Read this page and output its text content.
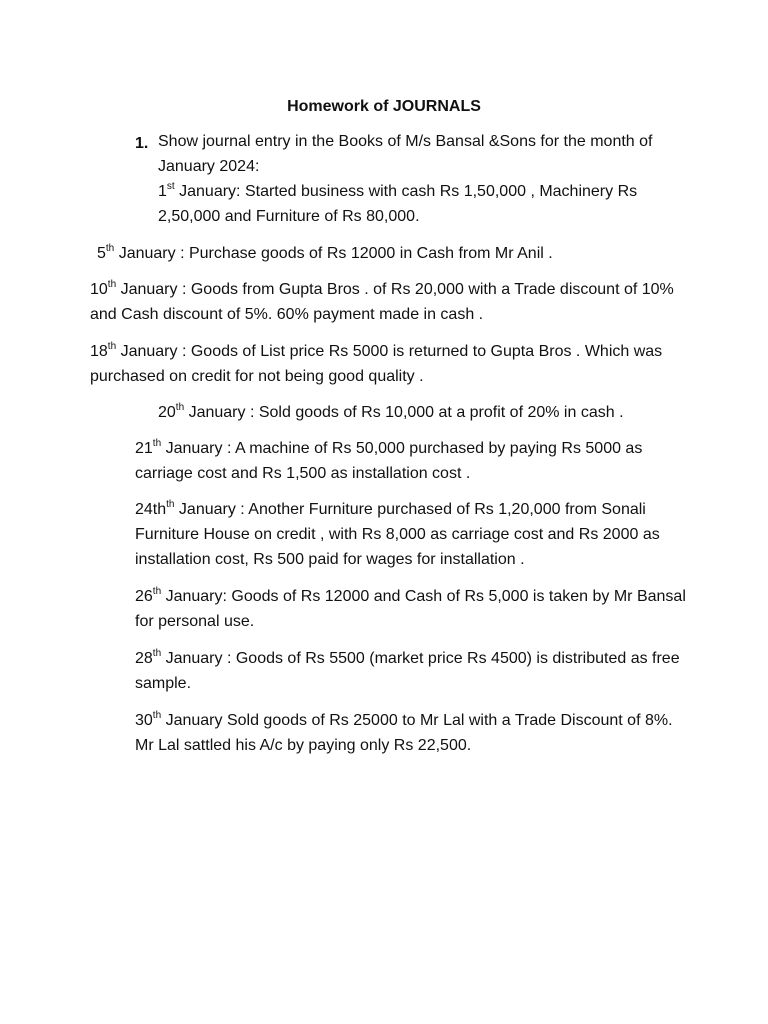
Homework of JOURNALS
1. Show journal entry in the Books of M/s Bansal &Sons for the month of January 2024:
1st January: Started business with cash Rs 1,50,000 , Machinery Rs 2,50,000 and Furniture of Rs 80,000.
5th January : Purchase goods of Rs 12000 in Cash from Mr Anil .
10th January : Goods from Gupta Bros . of Rs 20,000 with a Trade discount of 10% and Cash discount of 5%. 60% payment made in cash .
18th January : Goods of List price Rs 5000 is returned to Gupta Bros . Which was purchased on credit for not being good quality .
20th January : Sold goods of Rs 10,000 at a profit of 20% in cash .
21th January : A machine of Rs 50,000 purchased by paying Rs 5000 as carriage cost and Rs 1,500 as installation cost .
$24th^{th}$ January : Another Furniture purchased of Rs 1,20,000 from Sonali Furniture House on credit , with Rs 8,000 as carriage cost and Rs 2000 as installation cost, Rs 500 paid for wages for installation .
26th January: Goods of Rs 12000 and Cash of Rs 5,000 is taken by Mr Bansal for personal use.
28th January : Goods of Rs 5500 (market price Rs 4500) is distributed as free sample.
30th January Sold goods of Rs 25000 to Mr Lal with a Trade Discount of 8%. Mr Lal sattled his A/c by paying only Rs 22,500.
